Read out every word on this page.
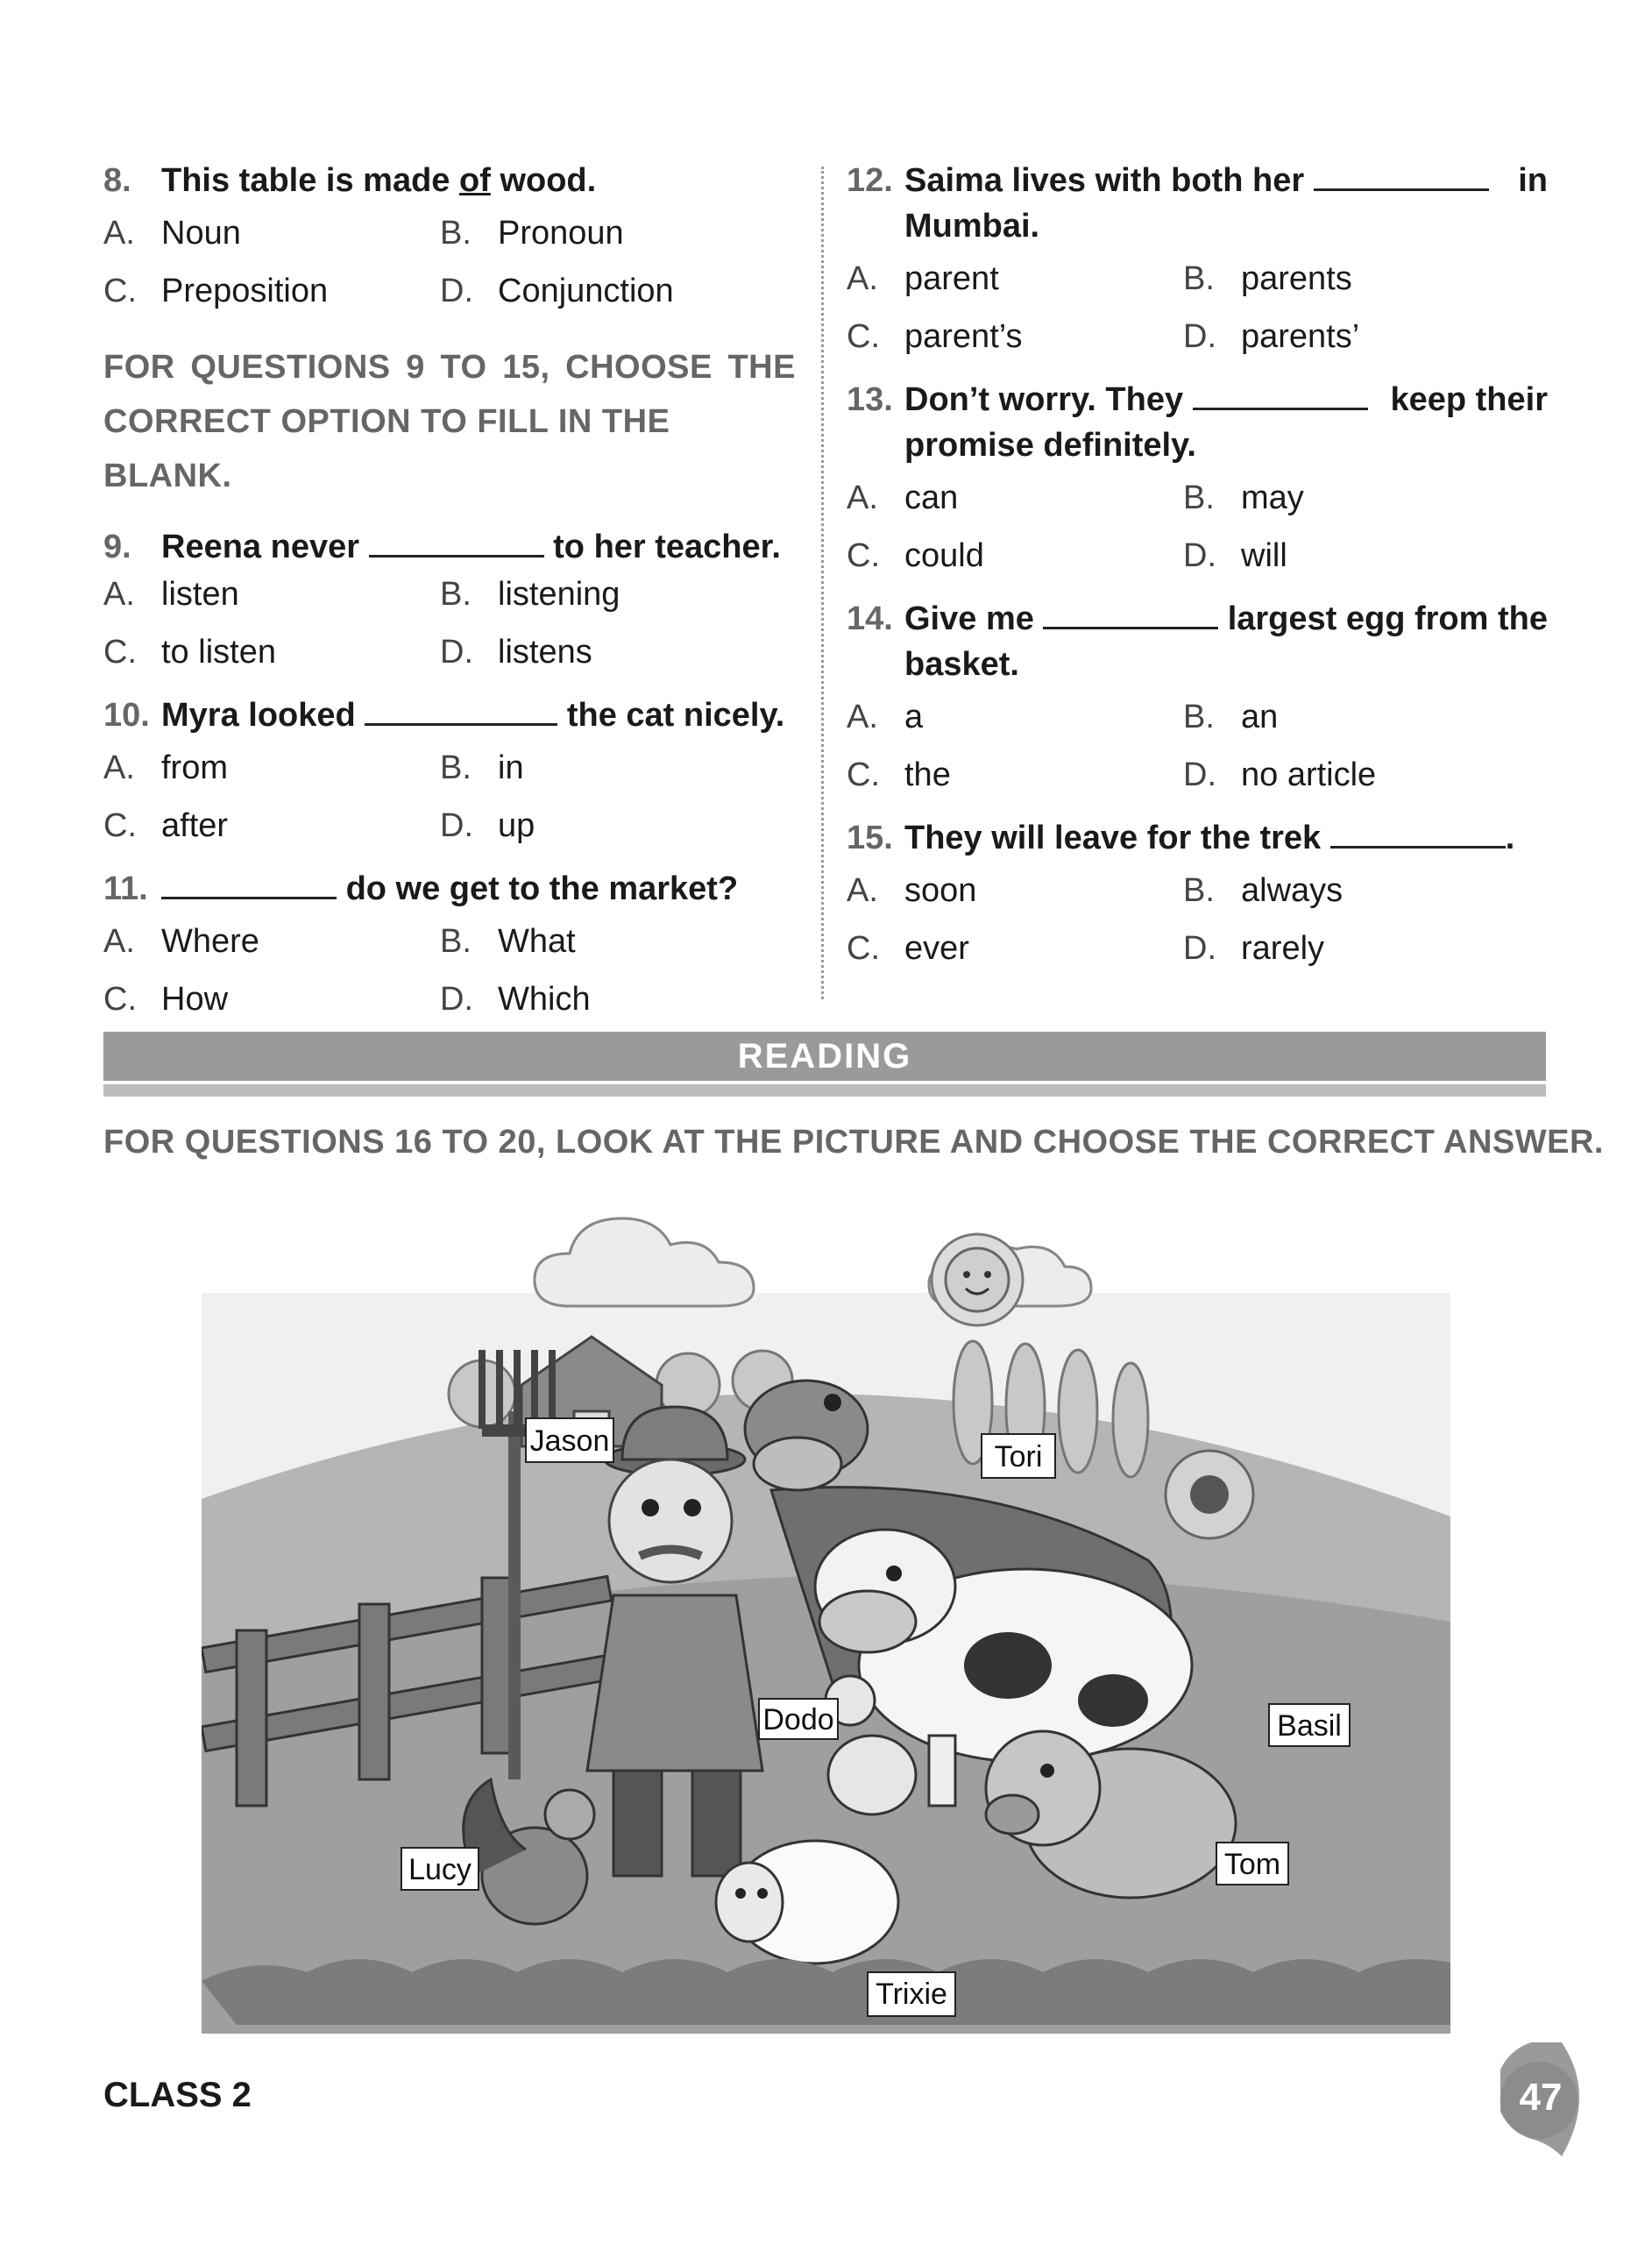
8. This table is made of wood.
A. Noun	B. Pronoun
C. Preposition	D. Conjunction
FOR QUESTIONS 9 TO 15, CHOOSE THE
CORRECT OPTION TO FILL IN THE BLANK.
9. Reena never	to her teacher.
A. listen	B. listening
C. to listen	D. listens
10. Myra looked	the cat nicely.
A. from	B. in
C. after	D. up
11.	do we get to the market?
A. Where	B. What
C. How	D. Which
12. Saima lives with both her	in
Mumbai.
A. parent	B. parents
C. parent’s	D. parents’
13. Don’t worry. They	keep their
promise definitely.
A. can	B. may
C. could	D. will
14. Give me	largest egg from the
basket.
A. a	B. an
C. the	D. no article
15. They will leave for the trek	.
A. soon	B. always
C. ever	D. rarely
READING
FOR QUESTIONS 16 TO 20, LOOK AT THE PICTURE AND CHOOSE THE CORRECT ANSWER.
Jason	Tori
Dodo	Basil
Lucy	Tom
Trixie
CLASS 2	47
